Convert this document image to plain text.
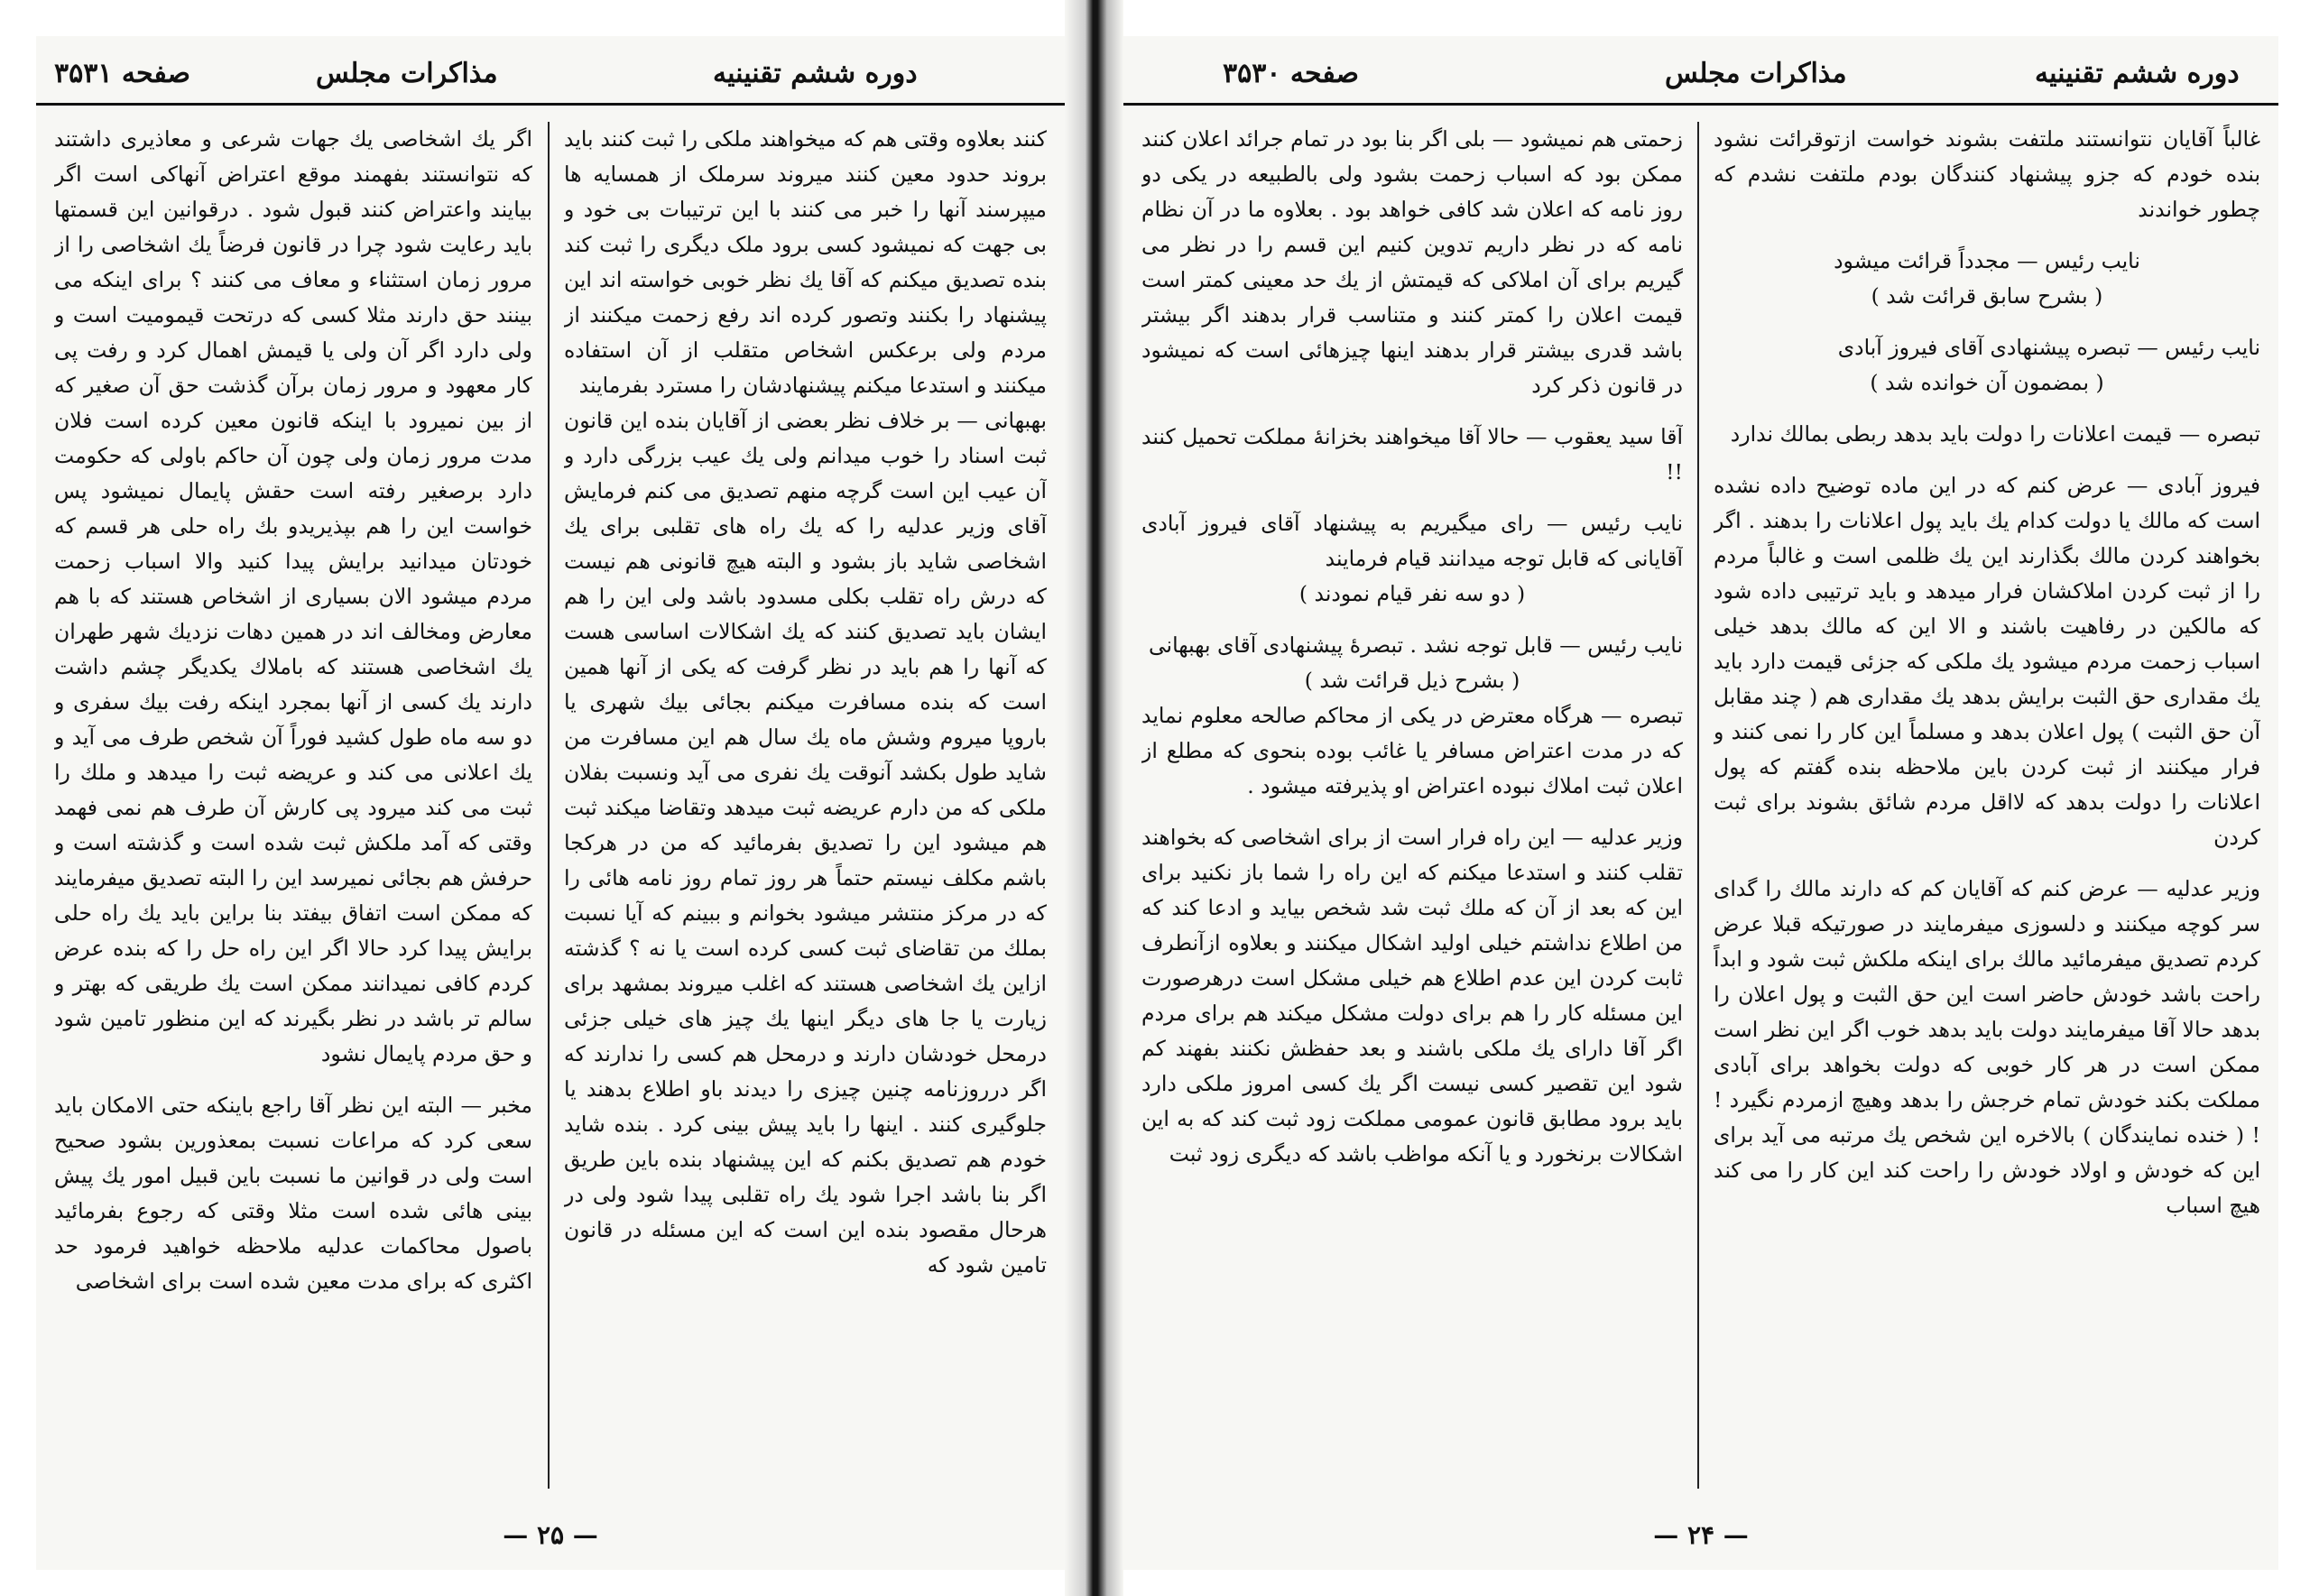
صفحه ۳۵۳۱	مذاکرات مجلس	دوره ششم تقنینیه

اگر یك اشخاصی یك جهات شرعی و معاذیری داشتند که نتوانستند بفهمند موقع اعتراض آنهاکی است اگر بیایند واعتراض کنند قبول شود . درقوانین این قسمتها باید رعایت شود چرا در قانون فرضاً یك اشخاصی را از مرور زمان استثناء و معاف می کنند ؟ برای اینکه می بینند حق دارند مثلا کسی که درتحت قیمومیت است و ولی دارد اگر آن ولی یا قیمش اهمال کرد و رفت پی کار معهود و مرور زمان برآن گذشت حق آن صغیر که از بین نمیرود با اینکه قانون معین کرده است فلان مدت مرور زمان ولی چون آن حاکم باولی که حکومت دارد برصغیر رفته است حقش پایمال نمیشود پس خواست این را هم بپذیریدو بك راه حلی هر قسم که خودتان میدانید برایش پیدا کنید والا اسباب زحمت مردم میشود الان بسیاری از اشخاص هستند که با هم معارض ومخالف اند در همین دهات نزدیك شهر طهران یك اشخاصی هستند که باملاك یکدیگر چشم داشت دارند یك کسی از آنها بمجرد اینکه رفت بیك سفری و دو سه ماه طول کشید فوراً آن شخص طرف می آید و یك اعلانی می کند و عریضه ثبت را میدهد و ملك را ثبت می کند میرود پی کارش آن طرف هم نمی فهمد وقتی که آمد ملکش ثبت شده است و گذشته است و حرفش هم بجائی نمیرسد این را البته تصدیق میفرمایند که ممکن است اتفاق بیفتد بنا براین باید یك راه حلی برایش پیدا کرد حالا اگر این راه حل را که بنده عرض کردم کافی نمیدانند ممکن است یك طریقی که بهتر و سالم تر باشد در نظر بگیرند که این منظور تامین شود و حق مردم پایمال نشود

مخبر — البته این نظر آقا راجع باینکه حتی الامکان باید سعی کرد که مراعات نسبت بمعذورین بشود صحیح است ولی در قوانین ما نسبت باین قبیل امور یك پیش بینی هائی شده است مثلا وقتی که رجوع بفرمائید باصول محاکمات عدلیه ملاحظه خواهید فرمود حد اکثری که برای مدت معین شده است برای اشخاصی

کنند بعلاوه وقتی هم که میخواهند ملکی را ثبت کنند باید بروند حدود معین کنند میروند سرملک از همسایه ها میپرسند آنها را خبر می کنند با این ترتیبات بی خود و بی جهت که نمیشود کسی برود ملک دیگری را ثبت کند بنده تصدیق میکنم که آقا یك نظر خوبی خواسته اند این پیشنهاد را بکنند وتصور کرده اند رفع زحمت میکنند از مردم ولی برعکس اشخاص متقلب از آن استفاده میکنند و استدعا میکنم پیشنهادشان را مسترد بفرمایند

بهبهانی — بر خلاف نظر بعضی از آقایان بنده این قانون ثبت اسناد را خوب میدانم ولی یك عیب بزرگی دارد و آن عیب این است گرچه منهم تصدیق می کنم فرمایش آقای وزیر عدلیه را که یك راه های تقلبی برای یك اشخاصی شاید باز بشود و البته هیچ قانونی هم نیست که درش راه تقلب بکلی مسدود باشد ولی این را هم ایشان باید تصدیق کنند که یك اشکالات اساسی هست که آنها را هم باید در نظر گرفت که یکی از آنها همین است که بنده مسافرت میکنم بجائی بیك شهری یا باروپا میروم وشش ماه یك سال هم این مسافرت من شاید طول بکشد آنوقت یك نفری می آید ونسبت بفلان ملکی که من دارم عریضه ثبت میدهد وتقاضا میکند ثبت هم میشود این را تصدیق بفرمائید که من در هرکجا باشم مکلف نیستم حتماً هر روز تمام روز نامه هائی را که در مرکز منتشر میشود بخوانم و ببینم که آیا نسبت بملك من تقاضای ثبت کسی کرده است یا نه ؟ گذشته ازاین یك اشخاصی هستند که اغلب میروند بمشهد برای زیارت یا جا های دیگر اینها یك چیز های خیلی جزئی درمحل خودشان دارند و درمحل هم کسی را ندارند که اگر درروزنامه چنین چیزی را دیدند باو اطلاع بدهند یا جلوگیری کنند . اینها را باید پیش بینی کرد . بنده شاید خودم هم تصدیق بکنم که این پیشنهاد بنده باین طریق اگر بنا باشد اجرا شود یك راه تقلبی پیدا شود ولی در هرحال مقصود بنده این است که این مسئله در قانون تامین شود که

— ۲۵ —
صفحه ۳۵۳۰	مذاکرات مجلس	دوره ششم تقنینیه

زحمتی هم نمیشود — بلی اگر بنا بود در تمام جرائد اعلان کنند ممکن بود که اسباب زحمت بشود ولی بالطبیعه در یکی دو روز نامه که اعلان شد کافی خواهد بود . بعلاوه ما در آن نظام نامه که در نظر داریم تدوین کنیم این قسم را در نظر می گیریم برای آن املاکی که قیمتش از یك حد معینی کمتر است قیمت اعلان را کمتر کنند و متناسب قرار بدهند اگر بیشتر باشد قدری بیشتر قرار بدهند اینها چیزهائی است که نمیشود در قانون ذکر کرد

آقا سید یعقوب — حالا آقا میخواهند بخزانهٔ مملکت تحمیل کنند !!

نایب رئیس — رای میگیریم به پیشنهاد آقای فیروز آبادی آقایانی که قابل توجه میدانند قیام فرمایند

( دو سه نفر قیام نمودند )

نایب رئیس — قابل توجه نشد . تبصرهٔ پیشنهادی آقای بهبهانی

( بشرح ذیل قرائت شد )

تبصره — هرگاه معترض در یکی از محاکم صالحه معلوم نماید که در مدت اعتراض مسافر یا غائب بوده بنحوی که مطلع از اعلان ثبت املاك نبوده اعتراض او پذیرفته میشود .

وزیر عدلیه — این راه فرار است از برای اشخاصی که بخواهند تقلب کنند و استدعا میکنم که این راه را شما باز نکنید برای این که بعد از آن که ملك ثبت شد شخص بیاید و ادعا کند که من اطلاع نداشتم خیلی اولید اشکال میکنند و بعلاوه ازآنطرف ثابت کردن این عدم اطلاع هم خیلی مشکل است درهرصورت این مسئله کار را هم برای دولت مشکل میکند هم برای مردم اگر آقا دارای یك ملکی باشند و بعد حفظش نکنند بفهند کم شود این تقصیر کسی نیست اگر یك کسی امروز ملکی دارد باید برود مطابق قانون عمومی مملکت زود ثبت کند که به این اشکالات برنخورد و یا آنکه مواظب باشد که دیگری زود ثبت

غالباً آقایان نتوانستند ملتفت بشوند خواست ازتوقرائت نشود بنده خودم که جزو پیشنهاد کنندگان بودم ملتفت نشدم که چطور خواندند

نایب رئیس — مجدداً قرائت میشود

( بشرح سابق قرائت شد )

نایب رئیس — تبصره پیشنهادی آقای فیروز آبادی

( بمضمون آن خوانده شد )

تبصره — قیمت اعلانات را دولت باید بدهد ربطی بمالك ندارد

فیروز آبادی — عرض کنم که در این ماده توضیح داده نشده است که مالك یا دولت کدام یك باید پول اعلانات را بدهند . اگر بخواهند کردن مالك بگذارند این یك ظلمی است و غالباً مردم را از ثبت کردن املاکشان فرار میدهد و باید ترتیبی داده شود که مالکین در رفاهیت باشند و الا این که مالك بدهد خیلی اسباب زحمت مردم میشود یك ملکی که جزئی قیمت دارد باید یك مقداری حق الثبت برایش بدهد یك مقداری هم ( چند مقابل آن حق الثبت ) پول اعلان بدهد و مسلماً این کار را نمی کنند و فرار میکنند از ثبت کردن باین ملاحظه بنده گفتم که پول اعلانات را دولت بدهد که لااقل مردم شائق بشوند برای ثبت کردن

وزیر عدلیه — عرض کنم که آقایان کم که دارند مالك را گدای سر کوچه میکنند و دلسوزی میفرمایند در صورتیکه قبلا عرض کردم تصدیق میفرمائید مالك برای اینکه ملکش ثبت شود و ابداً راحت باشد خودش حاضر است این حق الثبت و پول اعلان را بدهد حالا آقا میفرمایند دولت باید بدهد خوب اگر این نظر است ممکن است در هر کار خوبی که دولت بخواهد برای آبادی مملکت بکند خودش تمام خرجش را بدهد وهیچ ازمردم نگیرد ! ! ( خنده نمایندگان ) بالاخره این شخص یك مرتبه می آید برای این که خودش و اولاد خودش را راحت کند این کار را می کند هیچ اسباب

— ۲۴ —
